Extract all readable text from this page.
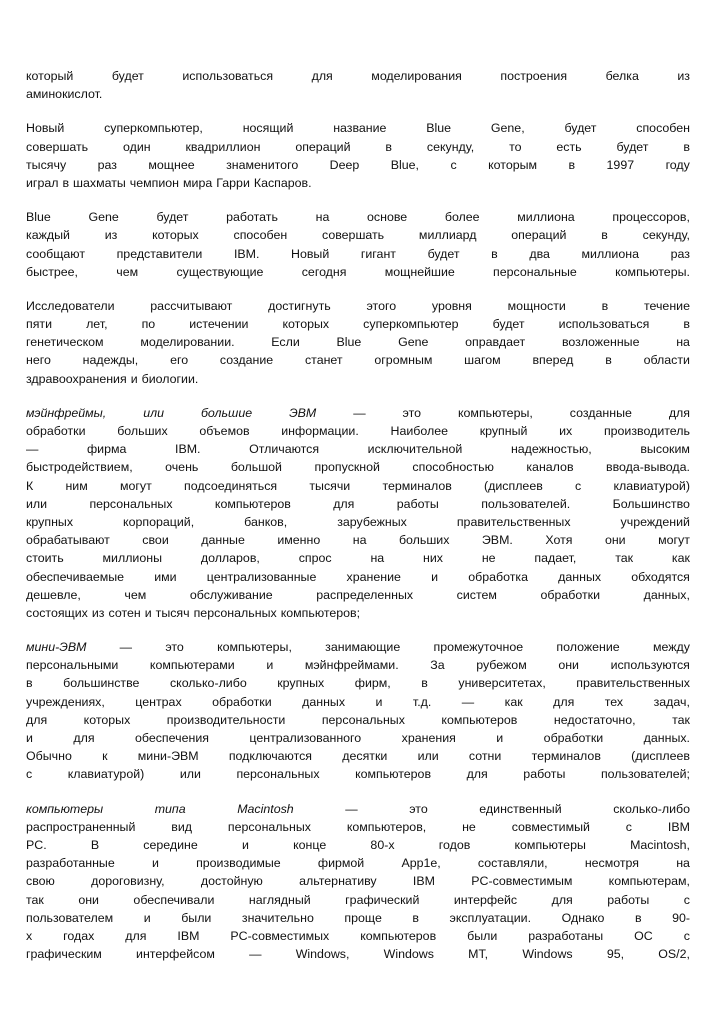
который	будет	использоваться	для	моделирования	построения	белка	из
аминокислот.
Новый	суперкомпьютер,	носящий	название	Blue	Gene,	будет	способен
совершать	один	квадриллион	операций	в	секунду,	то	есть	будет	в
тысячу	раз	мощнее	знаменитого	Deep	Blue,	с	которым	в	1997	году
играл в шахматы чемпион мира Гарри Каспаров.
Blue	Gene	будет	работать	на	основе	более	миллиона	процессоров,
каждый	из	которых	способен	совершать	миллиард	операций	в	секунду,
сообщают	представители	IBM.	Новый	гигант	будет	в	два	миллиона	раз
быстрее,	чем	существующие	сегодня	мощнейшие	персональные	компьютеры.
Исследователи	рассчитывают	достигнуть	этого	уровня	мощности	в	течение
пяти	лет,	по	истечении	которых	суперкомпьютер	будет	использоваться	в
генетическом	моделировании.	Если	Blue	Gene	оправдает	возложенные	на
него	надежды,	его	создание	станет	огромным	шагом	вперед	в	области
здравоохранения и биологии.
мэйнфреймы,	или	большие	ЭВМ	—	это	компьютеры,	созданные	для
обработки	больших	объемов	информации.	Наиболее	крупный	их	производитель
—	фирма	IBM.	Отличаются	исключительной	надежностью,	высоким
быстродействием,	очень	большой	пропускной	способностью	каналов	ввода-вывода.
К	ним	могут	подсоединяться	тысячи	терминалов	(дисплеев	с	клавиатурой)
или	персональных	компьютеров	для	работы	пользователей.	Большинство
крупных	корпораций,	банков,	зарубежных	правительственных	учреждений
обрабатывают	свои	данные	именно	на	больших	ЭВМ.	Хотя	они	могут
стоить	миллионы	долларов,	спрос	на	них	не	падает,	так	как
обеспечиваемые ими централизованные хранение и обработка данных обходятся
дешевле,	чем	обслуживание	распределенных	систем	обработки	данных,
состоящих из сотен и тысяч персональных компьютеров;
мини-ЭВМ	—	это	компьютеры,	занимающие	промежуточное	положение	между
персональными	компьютерами	и	мэйнфреймами.	За	рубежом	они	используются
в большинстве сколько-либо крупных фирм, в университетах, правительственных
учреждениях, центрах обработки данных и т.д. — как для тех задач,
для	которых	производительности	персональных	компьютеров	недостаточно,	так
и	для	обеспечения	централизованного	хранения	и	обработки	данных.
Обычно к мини-ЭВМ подключаются десятки или сотни терминалов (дисплеев
с	клавиатурой)	или	персональных	компьютеров	для	работы	пользователей;
компьютеры	типа	Macintosh	—	это	единственный	сколько-либо
распространенный	вид	персональных	компьютеров,	не	совместимый	с	IBM
PC.	В	середине	и	конце	80-х	годов	компьютеры	Macintosh,
разработанные	и	производимые	фирмой	App1e,	составляли,	несмотря	на
свою	дороговизну,	достойную	альтернативу	IBM	PC-совместимым	компьютерам,
так	они	обеспечивали	наглядный	графический	интерфейс	для	работы	с
пользователем и были значительно проще в эксплуатации. Однако в 90-
х годах для IBM PC-совместимых компьютеров были разработаны ОС с
графическим	интерфейсом	—	Windows,	Windows	MT,	Windows	95,	OS/2,
